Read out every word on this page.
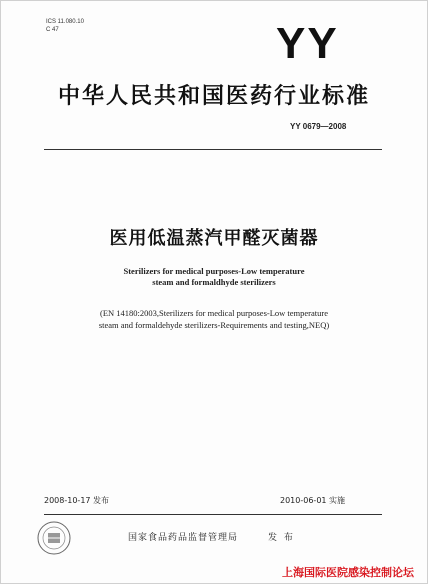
ICS 11.080.10
C 47	YY
中华人民共和国医药行业标准
YY 0679—2008
医用低温蒸汽甲醛灭菌器
Sterilizers for medical purposes-Low temperature
steam and formaldhyde sterilizers
(EN 14180:2003,Sterilizers for medical purposes-Low temperature
steam and formaldehyde sterilizers-Requirements and testing,NEQ)
2008-10-17 发布	2010-06-01 实施
国家食品药品监督管理局	发 布
上海国际医院感染控制论坛
